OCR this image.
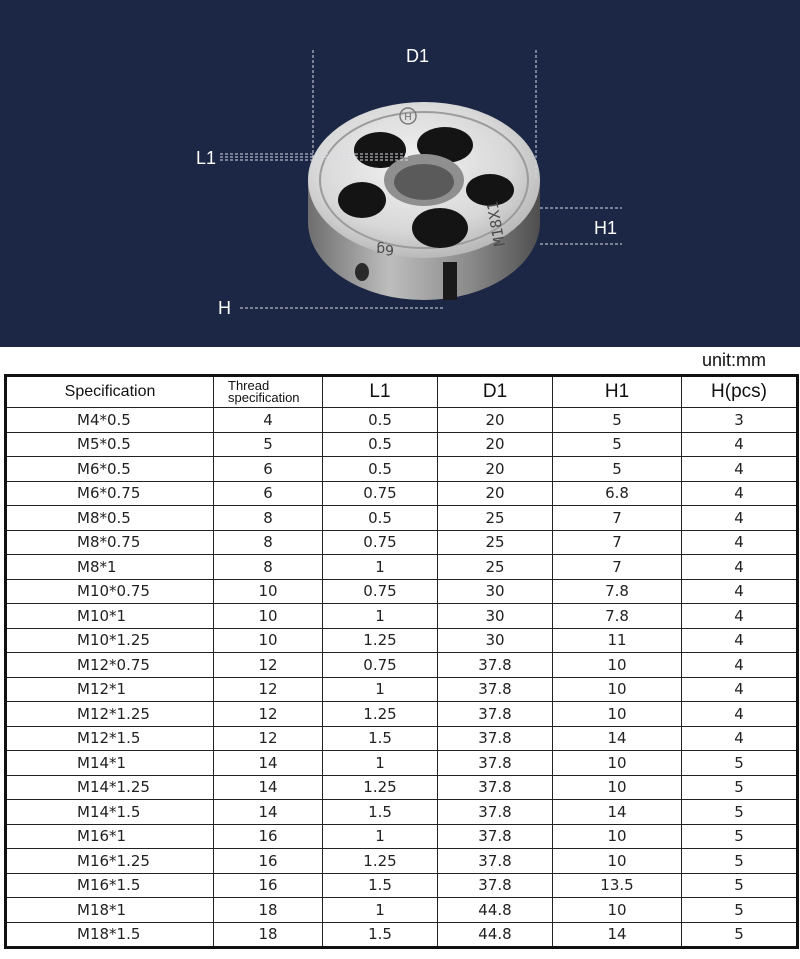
H
M18X1
6g
D1
L1
H1
H
unit:mm
Specification	Thread specification	L1	D1	H1	H(pcs)
M4*0.5	4	0.5	20	5	3
M5*0.5	5	0.5	20	5	4
M6*0.5	6	0.5	20	5	4
M6*0.75	6	0.75	20	6.8	4
M8*0.5	8	0.5	25	7	4
M8*0.75	8	0.75	25	7	4
M8*1	8	1	25	7	4
M10*0.75	10	0.75	30	7.8	4
M10*1	10	1	30	7.8	4
M10*1.25	10	1.25	30	11	4
M12*0.75	12	0.75	37.8	10	4
M12*1	12	1	37.8	10	4
M12*1.25	12	1.25	37.8	10	4
M12*1.5	12	1.5	37.8	14	4
M14*1	14	1	37.8	10	5
M14*1.25	14	1.25	37.8	10	5
M14*1.5	14	1.5	37.8	14	5
M16*1	16	1	37.8	10	5
M16*1.25	16	1.25	37.8	10	5
M16*1.5	16	1.5	37.8	13.5	5
M18*1	18	1	44.8	10	5
M18*1.5	18	1.5	44.8	14	5
